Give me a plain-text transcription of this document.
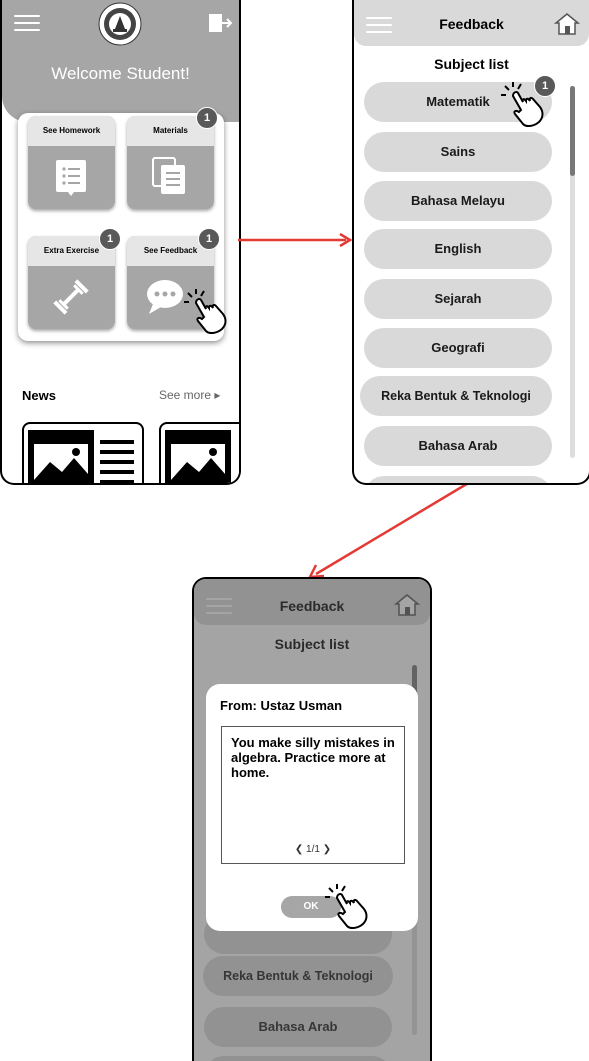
Welcome Student!
See Homework	Materials
1
Extra Exercise
1
See Feedback
1
News	See more ▸
Feedback
Subject list
Matematik
1
Sains
Bahasa Melayu
English
Sejarah
Geografi
Reka Bentuk & Teknologi
Bahasa Arab
From: Ustaz Usman
You make silly mistakes in algebra. Practice more at home.
❮ 1/1 ❯
OK
